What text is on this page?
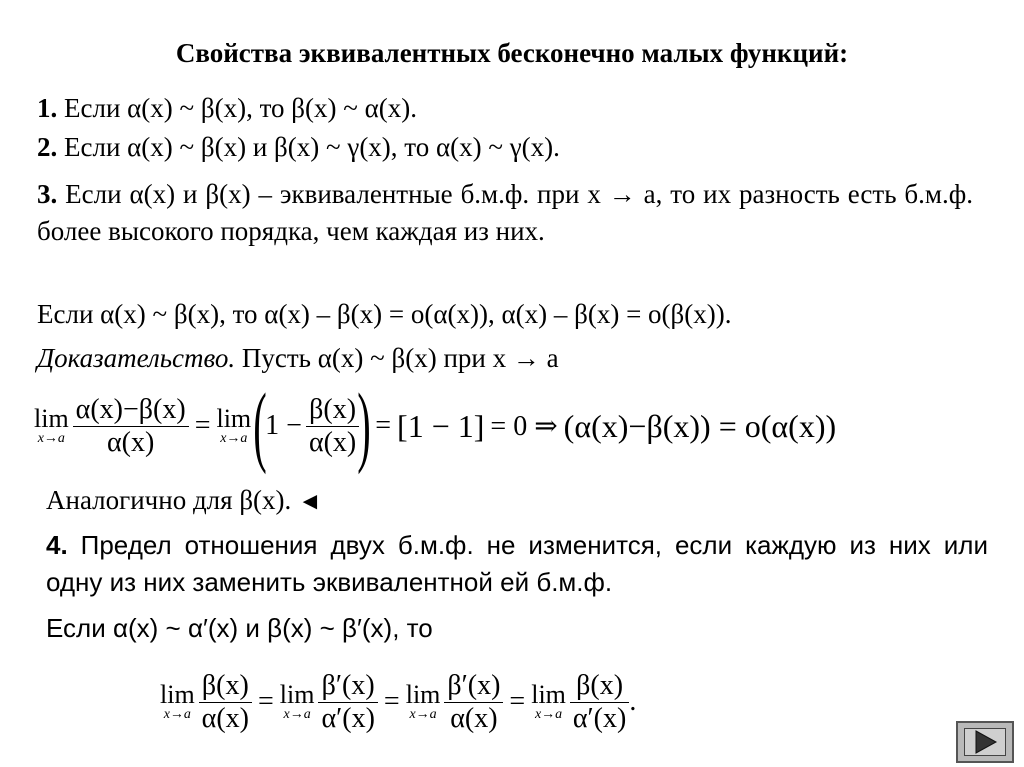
Свойства эквивалентных бесконечно малых функций:
1. Если α(x) ~ β(x), то β(x) ~ α(x).
2. Если α(x) ~ β(x) и β(x) ~ γ(x), то α(x) ~ γ(x).
3. Если α(x) и β(x) – эквивалентные б.м.ф. при x → a, то их разность есть б.м.ф. более высокого порядка, чем каждая из них.
Если α(x) ~ β(x), то α(x) – β(x) = o(α(x)), α(x) – β(x) = o(β(x)).
Доказательство. Пусть α(x) ~ β(x) при x → a
lim
$x\to a \frac{\alpha(x)-\beta(x)}{\alpha(x)} = \lim$
x→a (
$1 - \frac{\beta(x)}{\alpha(x)}$
) = [1 − 1] = 0 ⇒ (α(x)−β(x)) = o(α(x))
Аналогично для β(x). ◄
4. Предел отношения двух б.м.ф. не изменится, если каждую из них или одну из них заменить эквивалентной ей б.м.ф.
Если α(x) ~ α′(x) и β(x) ~ β′(x), то
lim
$x\to a \frac{\beta(x)}{\alpha(x)} = \lim$
$x\to a \frac{\beta'(x)}{\alpha'(x)} = \lim$
$x\to a \frac{\beta'(x)}{\alpha(x)} = \lim$
$x\to a \frac{\beta(x)}{\alpha'(x)}$ .
